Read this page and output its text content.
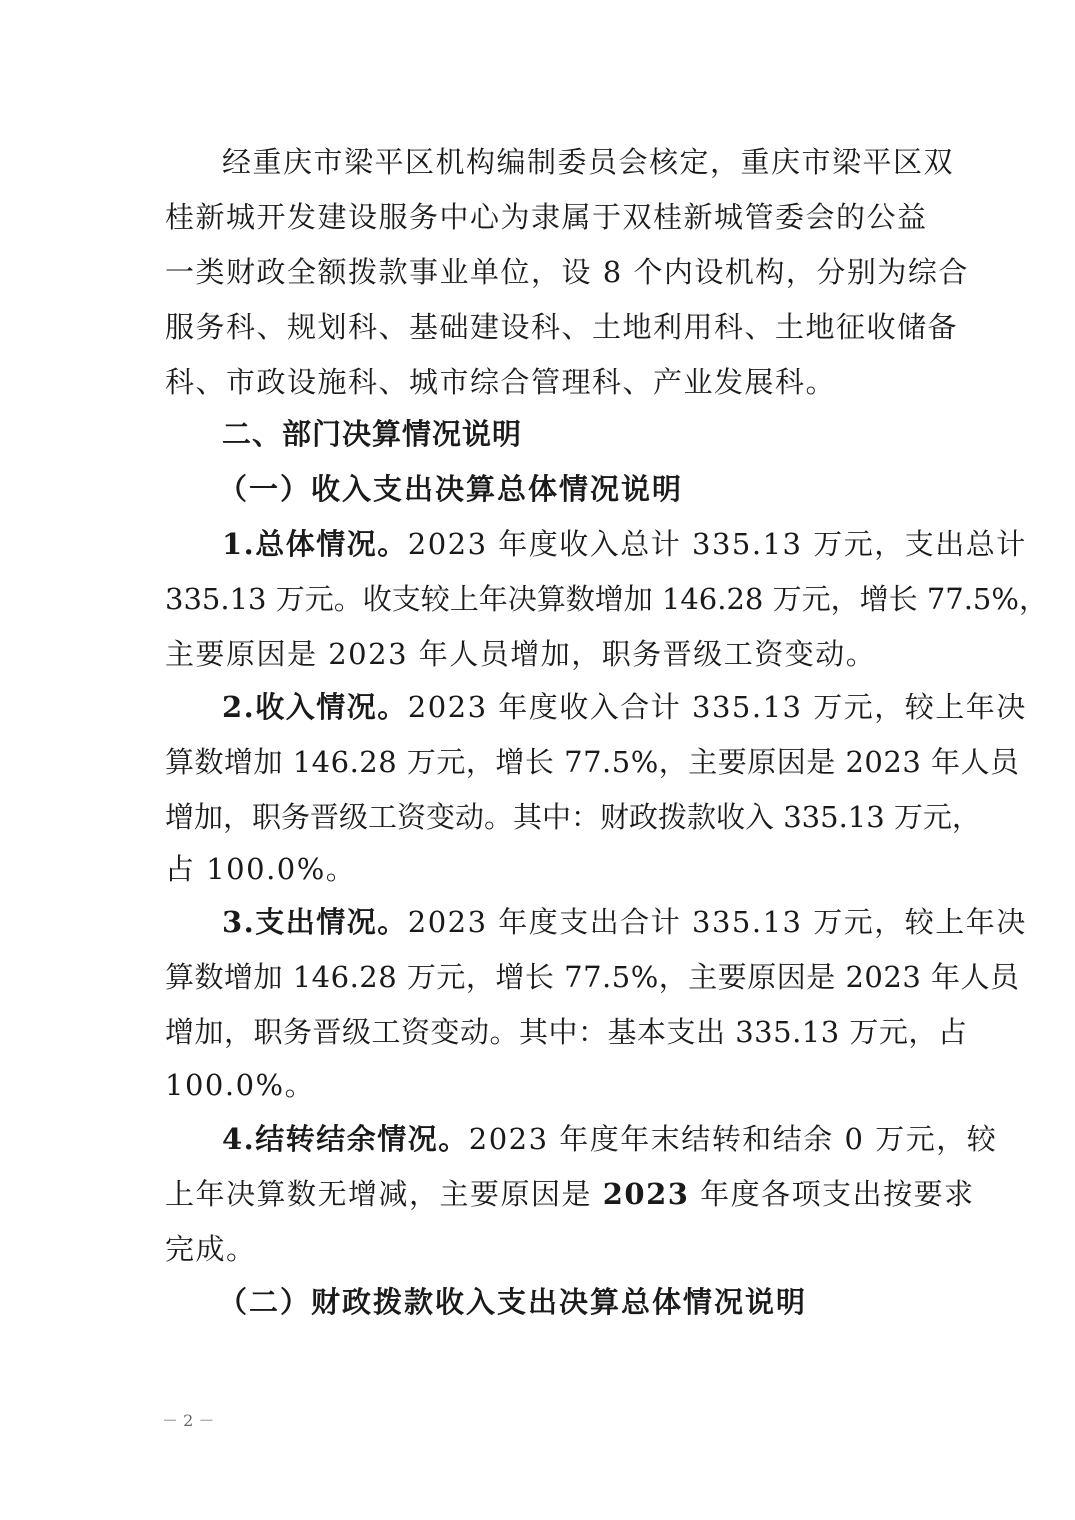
经重庆市梁平区机构编制委员会核定，重庆市梁平区双
桂新城开发建设服务中心为隶属于双桂新城管委会的公益
一类财政全额拨款事业单位，设 8 个内设机构，分别为综合
服务科、规划科、基础建设科、土地利用科、土地征收储备
科、市政设施科、城市综合管理科、产业发展科。
二、部门决算情况说明
（一）收入支出决算总体情况说明
1.总体情况。2023 年度收入总计 335.13 万元，支出总计
335.13 万元。收支较上年决算数增加 146.28 万元，增长 77.5%，
主要原因是 2023 年人员增加，职务晋级工资变动。
2.收入情况。2023 年度收入合计 335.13 万元，较上年决
算数增加 146.28 万元，增长 77.5%，主要原因是 2023 年人员
增加，职务晋级工资变动。其中：财政拨款收入 335.13 万元，
占 100.0%。
3.支出情况。2023 年度支出合计 335.13 万元，较上年决
算数增加 146.28 万元，增长 77.5%，主要原因是 2023 年人员
增加，职务晋级工资变动。其中：基本支出 335.13 万元，占
100.0%。
4.结转结余情况。2023 年度年末结转和结余 0 万元，较
上年决算数无增减，主要原因是 2023 年度各项支出按要求
完成。
（二）财政拨款收入支出决算总体情况说明
－ 2 －
